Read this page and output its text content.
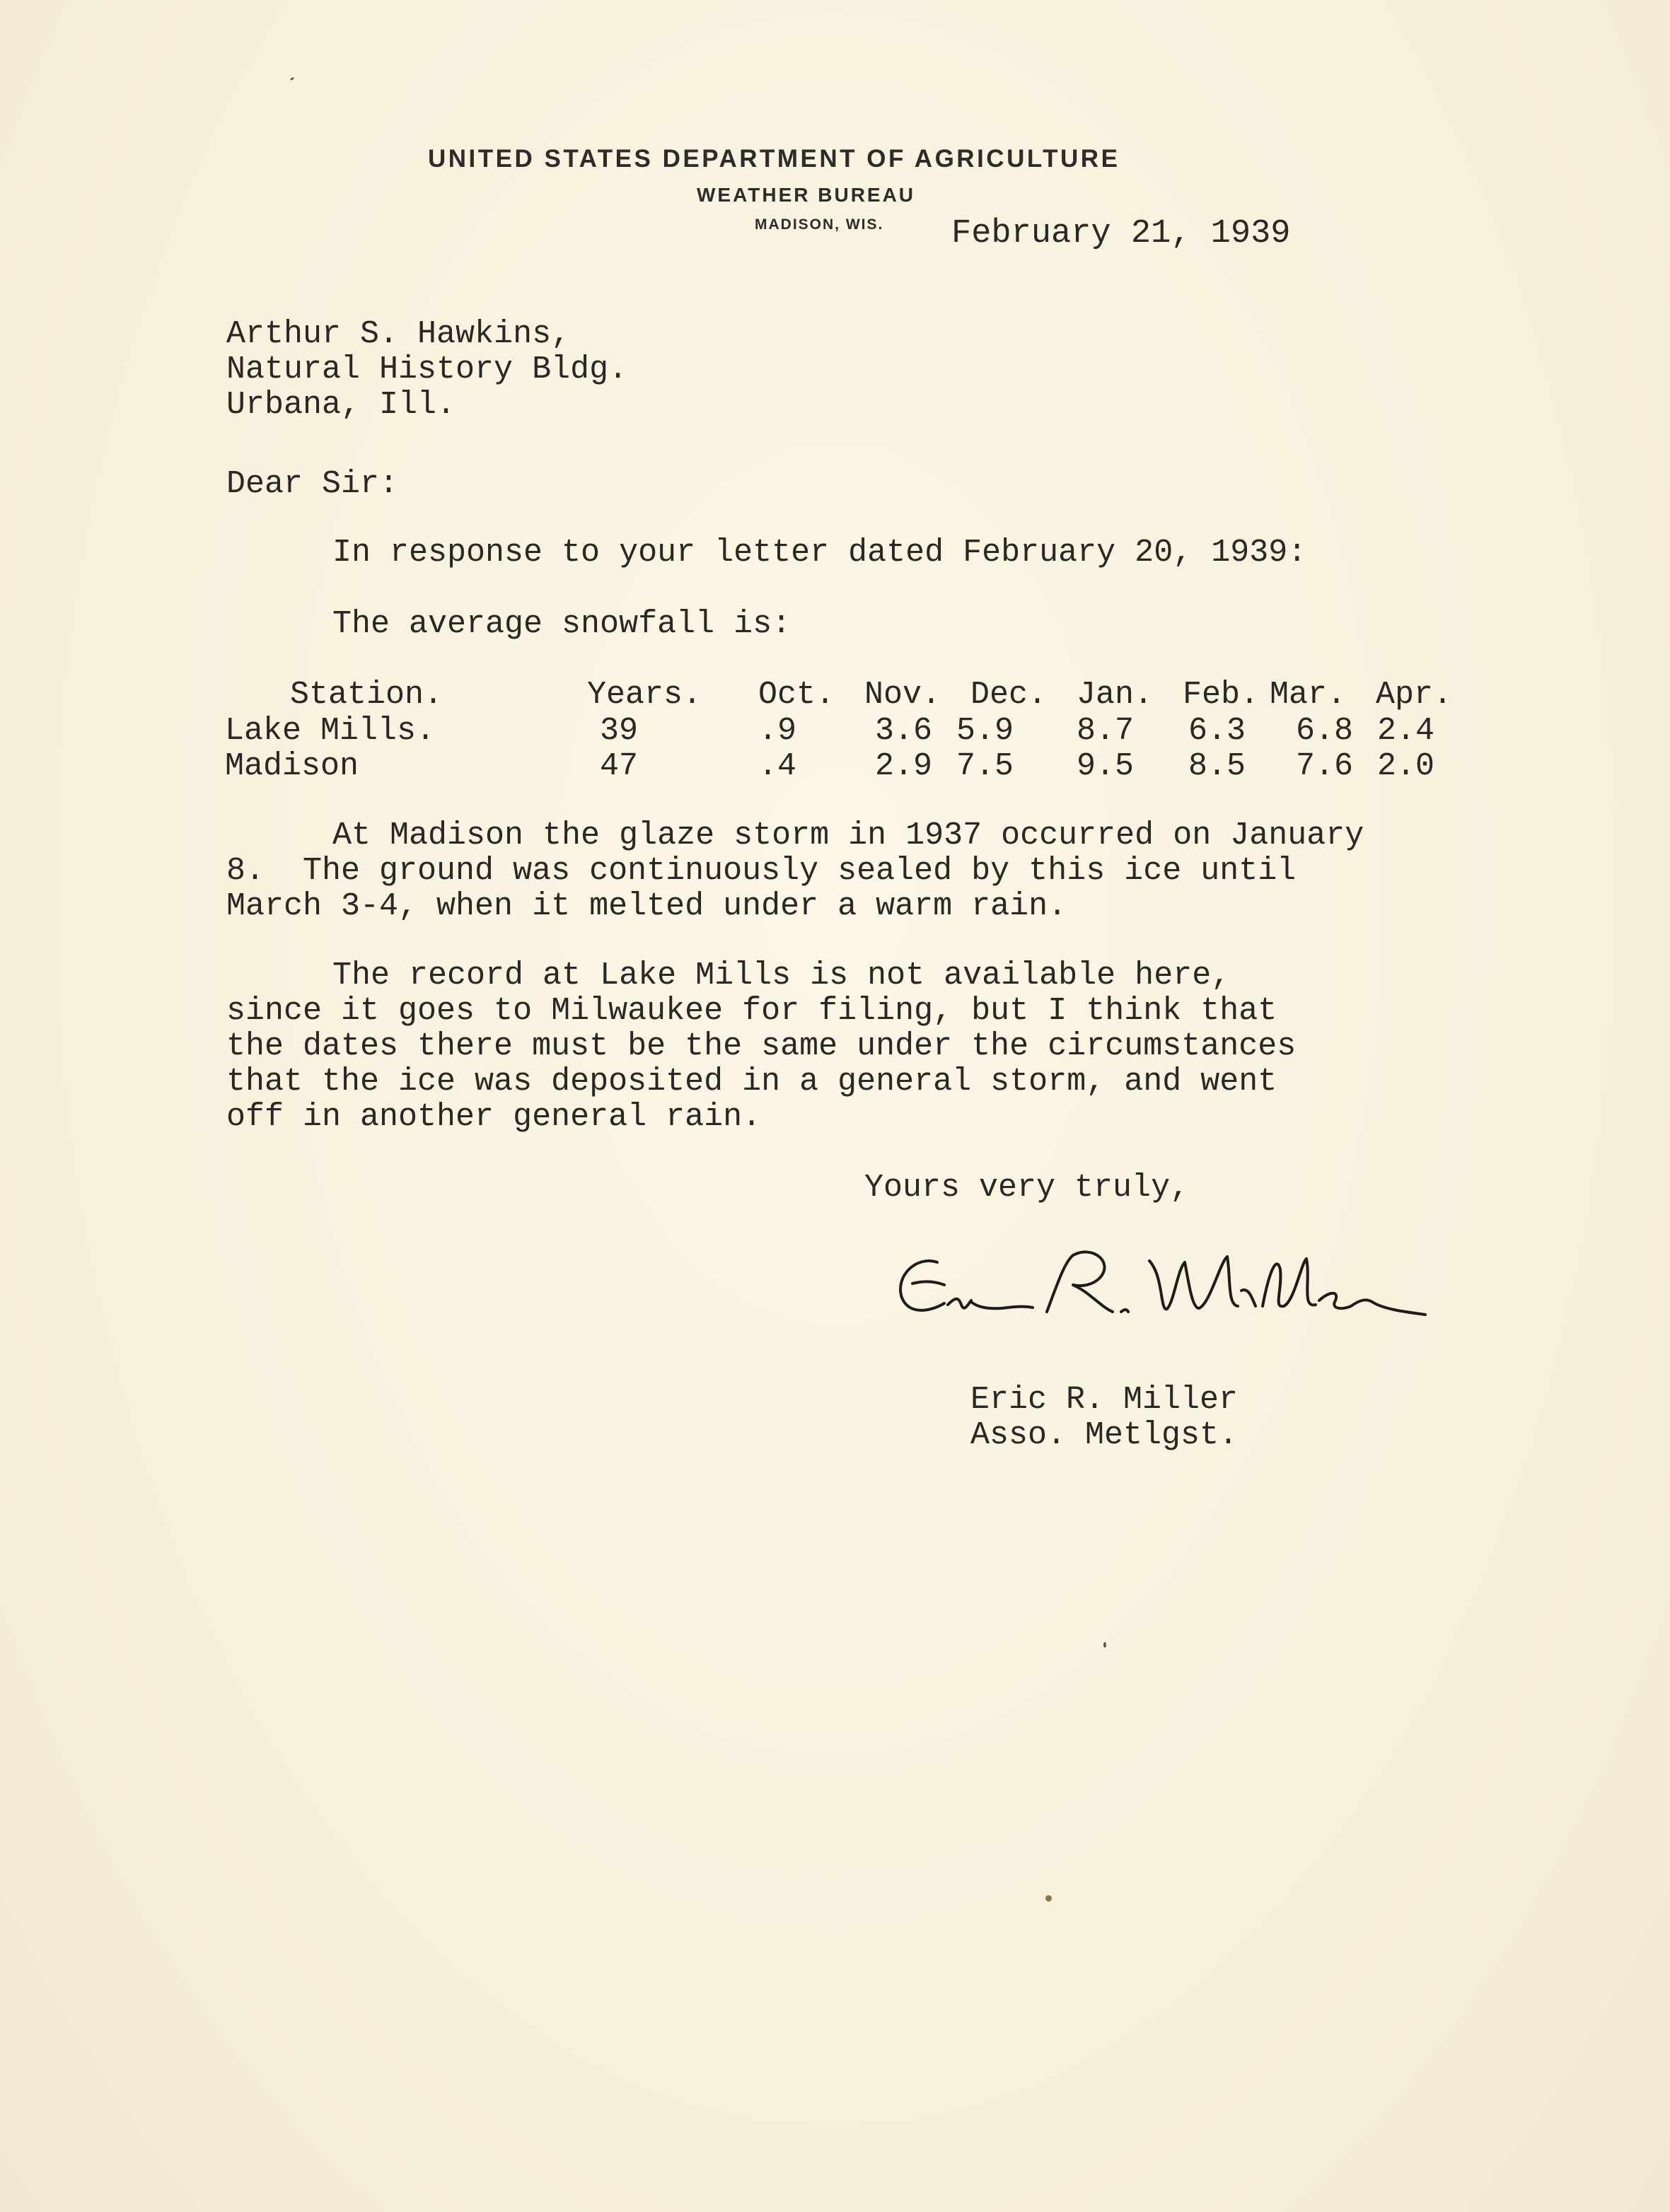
UNITED STATES DEPARTMENT OF AGRICULTURE
WEATHER BUREAU
MADISON, WIS. February 21, 1939
Arthur S. Hawkins,
Natural History Bldg.
Urbana, Ill.
Dear Sir:
In response to your letter dated February 20, 1939:
The average snowfall is:
Station.	Years. Oct. Nov. Dec. Jan. Feb. Mar. Apr.
Lake Mills.	39	.9 3.6 5.9 8.7 6.3 6.8 2.4
Madison	47	.4 2.9 7.5 9.5 8.5 7.6 2.0
At Madison the glaze storm in 1937 occurred on January
8.  The ground was continuously sealed by this ice until
March 3-4, when it melted under a warm rain.
The record at Lake Mills is not available here,
since it goes to Milwaukee for filing, but I think that
the dates there must be the same under the circumstances
that the ice was deposited in a general storm, and went
off in another general rain.
Yours very truly,
Eric R. Miller
Asso. Metlgst.
